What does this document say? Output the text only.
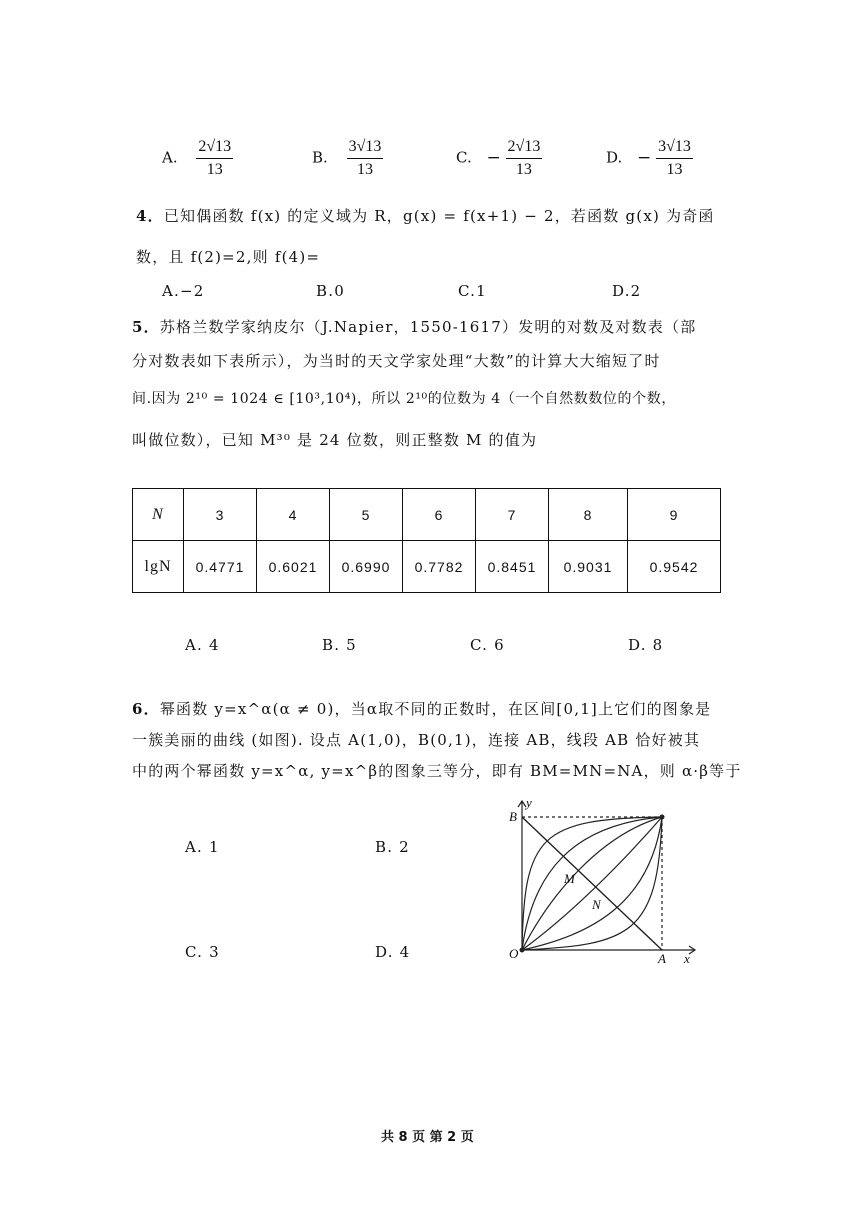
A. $\frac{2√13}{13}$	B. $\frac{3√13}{13}$	C. − $\frac{2√13}{13}$	D. − $\frac{3√13}{13}$
4．已知偶函数 f(x) 的定义域为 R，g(x) = f(x+1) − 2，若函数 g(x) 为奇函
数，且 f(2)=2,则 f(4)=
A.−2	B.0	C.1	D.2
5．苏格兰数学家纳皮尔（J.Napier，1550-1617）发明的对数及对数表（部
分对数表如下表所示），为当时的天文学家处理“大数”的计算大大缩短了时
间.因为 2¹⁰ = 1024 ∈ [10³,10⁴)，所以 2¹⁰的位数为 4（一个自然数数位的个数，
叫做位数），已知 M³⁰ 是 24 位数，则正整数 M 的值为
N	3	4	5	6	7	8	9
lgN	0.4771	0.6021	0.6990	0.7782	0.8451	0.9031	0.9542
A. 4	B. 5	C. 6	D. 8
6．幂函数 y=x^α(α ≠ 0)，当α取不同的正数时，在区间[0,1]上它们的图象是
一簇美丽的曲线 (如图). 设点 A(1,0)，B(0,1)，连接 AB，线段 AB 恰好被其
中的两个幂函数 y=x^α, y=x^β的图象三等分，即有 BM=MN=NA，则 α·β等于
A. 1	B. 2
C. 3	D. 4
y
x
B
O	A
M
N
共 8 页 第 2 页
